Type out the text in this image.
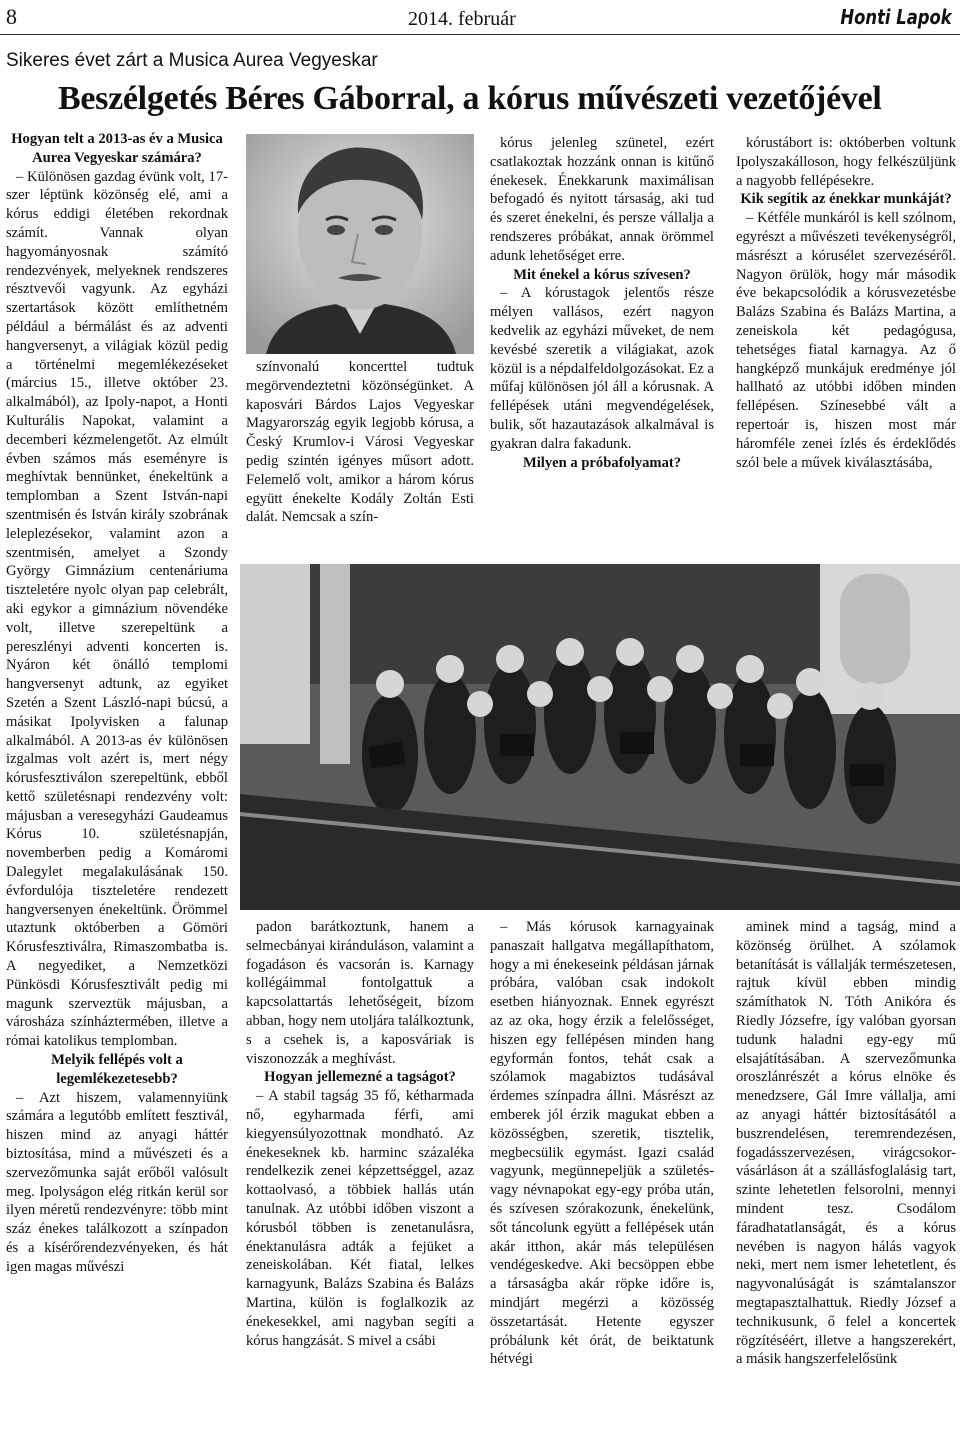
8	2014. február	Honti Lapok
Sikeres évet zárt a Musica Aurea Vegyeskar
Beszélgetés Béres Gáborral, a kórus művészeti vezetőjével

Hogyan telt a 2013-as év a Musica Aurea Vegyeskar számára?

– Különösen gazdag évünk volt, 17-szer léptünk közönség elé, ami a kórus eddigi életében rekordnak számít. Vannak olyan hagyományosnak számító rendezvények, melyeknek rendszeres résztvevői vagyunk. Az egyházi szertartások között említhetném például a bérmálást és az adventi hangversenyt, a világiak közül pedig a történelmi megemlékezéseket (március 15., illetve október 23. alkalmából), az Ipoly-napot, a Honti Kulturális Napokat, valamint a decemberi kézmelengetőt. Az elmúlt évben számos más eseményre is meghívtak bennünket, énekeltünk a templomban a Szent István-napi szentmisén és István király szobrának leleplezésekor, valamint azon a szentmisén, amelyet a Szondy György Gimnázium centenáriuma tiszteletére nyolc olyan pap celebrált, aki egykor a gimnázium növendéke volt, illetve szerepeltünk a pereszlényi adventi koncerten is. Nyáron két önálló templomi hangversenyt adtunk, az egyiket Szetén a Szent László-napi búcsú, a másikat Ipolyvisken a falunap alkalmából. A 2013-as év különösen izgalmas volt azért is, mert négy kórusfesztiválon szerepeltünk, ebből kettő születésnapi rendezvény volt: májusban a veresegyházi Gaudeamus Kórus 10. születésnapján, novemberben pedig a Komáromi Dalegylet megalakulásának 150. évfordulója tiszteletére rendezett hangversenyen énekeltünk. Örömmel utaztunk októberben a Gömöri Kórusfesztiválra, Rimaszombatba is. A negyediket, a Nemzetközi Pünkösdi Kórusfesztivált pedig mi magunk szerveztük májusban, a városháza színháztermében, illetve a római katolikus templomban.

Melyik fellépés volt a legemlékezetesebb?

– Azt hiszem, valamennyiünk számára a legutóbb említett fesztivál, hiszen mind az anyagi háttér biztosítása, mind a művészeti és a szervezőmunka saját erőből valósult meg. Ipolyságon elég ritkán kerül sor ilyen méretű rendezvényre: több mint száz énekes találkozott a színpadon és a kísérőrendezvényeken, és hát igen magas művészi

színvonalú koncerttel tudtuk megörvendeztetni közönségünket. A kaposvári Bárdos Lajos Vegyeskar Magyarország egyik legjobb kórusa, a Český Krumlov-i Városi Vegyeskar pedig szintén igényes műsort adott. Felemelő volt, amikor a három kórus együtt énekelte Kodály Zoltán Esti dalát. Nemcsak a szín-

kórus jelenleg szünetel, ezért csatlakoztak hozzánk onnan is kitűnő énekesek. Énekkarunk maximálisan befogadó és nyitott társaság, aki tud és szeret énekelni, és persze vállalja a rendszeres próbákat, annak örömmel adunk lehetőséget erre.

Mit énekel a kórus szívesen?

– A kórustagok jelentős része mélyen vallásos, ezért nagyon kedvelik az egyházi műveket, de nem kevésbé szeretik a világiakat, azok közül is a népdalfeldolgozásokat. Ez a műfaj különösen jól áll a kórusnak. A fellépések utáni megvendégelések, bulik, sőt hazautazások alkalmával is gyakran dalra fakadunk.

Milyen a próbafolyamat?

kórustábort is: októberben voltunk Ipolyszakálloson, hogy felkészüljünk a nagyobb fellépésekre.

Kik segítik az énekkar munkáját?

– Kétféle munkáról is kell szólnom, egyrészt a művészeti tevékenységről, másrészt a kórusélet szervezéséről. Nagyon örülök, hogy már második éve bekapcsolódik a kórusvezetésbe Balázs Szabina és Balázs Martina, a zeneiskola két pedagógusa, tehetséges fiatal karnagya. Az ő hangképző munkájuk eredménye jól hallható az utóbbi időben minden fellépésen. Színesebbé vált a repertoár is, hiszen most már háromféle zenei ízlés és érdeklődés szól bele a művek kiválasztásába,

padon barátkoztunk, hanem a selmecbányai kiránduláson, valamint a fogadáson és vacsorán is. Karnagy kollégáimmal fontolgattuk a kapcsolattartás lehetőségeit, bízom abban, hogy nem utoljára találkoztunk, s a csehek is, a kaposváriak is viszonozzák a meghívást.

Hogyan jellemezné a tagságot?

– A stabil tagság 35 fő, kétharmada nő, egyharmada férfi, ami kiegyensúlyozottnak mondható. Az énekeseknek kb. harminc százaléka rendelkezik zenei képzettséggel, azaz kottaolvasó, a többiek hallás után tanulnak. Az utóbbi időben viszont a kórusból többen is zenetanulásra, énektanulásra adták a fejüket a zeneiskolában. Két fiatal, lelkes karnagyunk, Balázs Szabina és Balázs Martina, külön is foglalkozik az énekesekkel, ami nagyban segíti a kórus hangzását. S mivel a csábi

– Más kórusok karnagyainak panaszait hallgatva megállapíthatom, hogy a mi énekeseink példásan járnak próbára, valóban csak indokolt esetben hiányoznak. Ennek egyrészt az az oka, hogy érzik a felelősséget, hiszen egy fellépésen minden hang egyformán fontos, tehát csak a szólamok magabiztos tudásával érdemes színpadra állni. Másrészt az emberek jól érzik magukat ebben a közösségben, szeretik, tisztelik, megbecsülik egymást. Igazi család vagyunk, megünnepeljük a születés- vagy névnapokat egy-egy próba után, és szívesen szórakozunk, énekelünk, sőt táncolunk együtt a fellépések után akár itthon, akár más településen vendégeskedve. Aki becsöppen ebbe a társaságba akár röpke időre is, mindjárt megérzi a közösség összetartását. Hetente egyszer próbálunk két órát, de beiktatunk hétvégi

aminek mind a tagság, mind a közönség örülhet. A szólamok betanítását is vállalják természetesen, rajtuk kívül ebben mindig számíthatok N. Tóth Anikóra és Riedly Józsefre, így valóban gyorsan tudunk haladni egy-egy mű elsajátításában. A szervezőmunka oroszlánrészét a kórus elnöke és menedzsere, Gál Imre vállalja, ami az anyagi háttér biztosításától a buszrendelésen, teremrendezésen, fogadásszervezésen, virágcsokor-vásárláson át a szállásfoglalásig tart, szinte lehetetlen felsorolni, mennyi mindent tesz. Csodálom fáradhatatlanságát, és a kórus nevében is nagyon hálás vagyok neki, mert nem ismer lehetetlent, és nagyvonalúságát is számtalanszor megtapasztalhattuk. Riedly József a technikusunk, ő felel a koncertek rögzítéséért, illetve a hangszerekért, a másik hangszerfelelősünk
